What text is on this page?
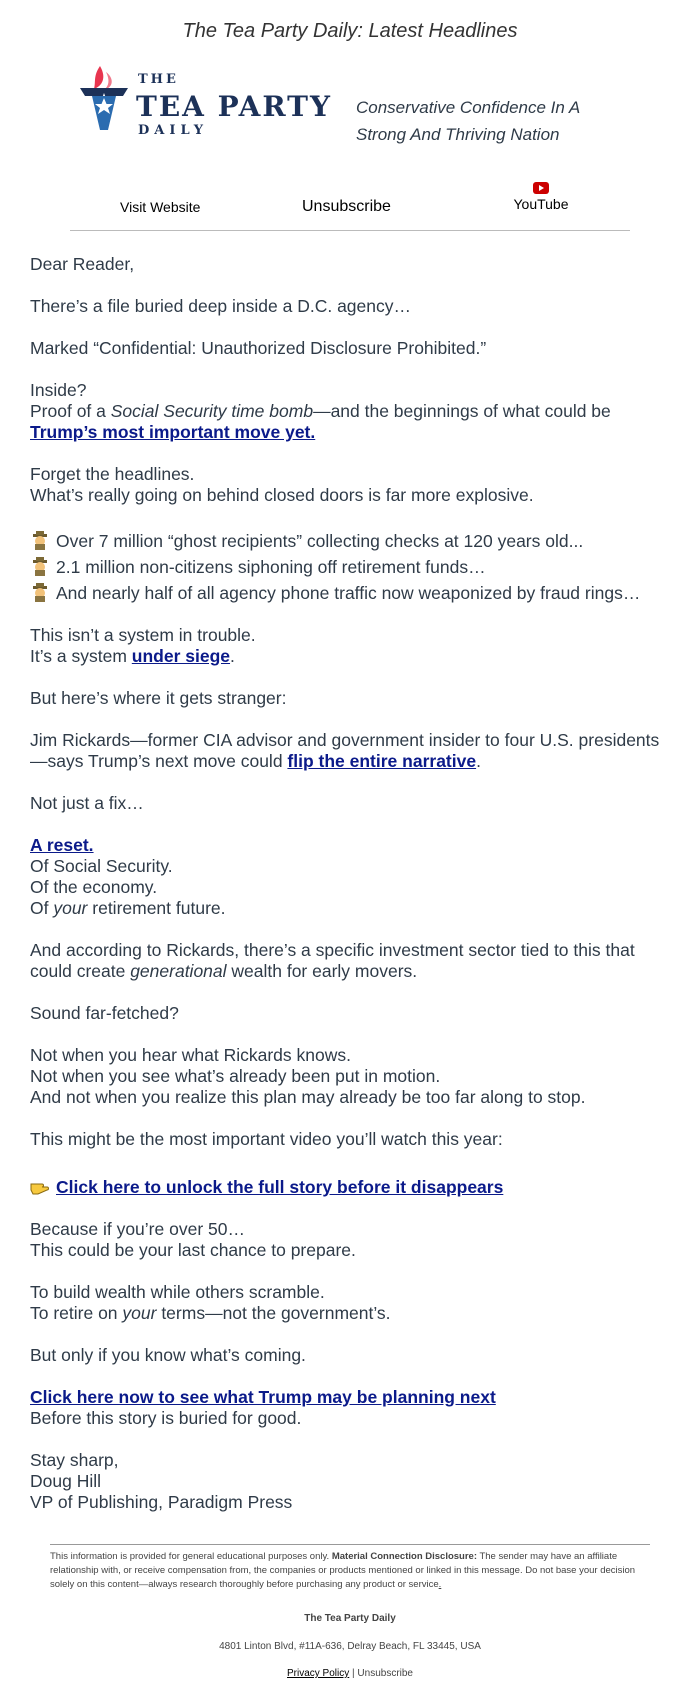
The Tea Party Daily: Latest Headlines
THE
TEA PARTY
DAILY
Conservative Confidence In A
Strong And Thriving Nation
Visit Website	Unsubscribe	YouTube

Dear Reader,

There’s a file buried deep inside a D.C. agency…

Marked “Confidential: Unauthorized Disclosure Prohibited.”

Inside?
Proof of a Social Security time bomb—and the beginnings of what could be Trump’s most important move yet.

Forget the headlines.
What’s really going on behind closed doors is far more explosive.

Over 7 million “ghost recipients” collecting checks at 120 years old...
2.1 million non-citizens siphoning off retirement funds…
And nearly half of all agency phone traffic now weaponized by fraud rings…

This isn’t a system in trouble.
It’s a system under siege.

But here’s where it gets stranger:

Jim Rickards—former CIA advisor and government insider to four U.S. presidents—says Trump’s next move could flip the entire narrative.

Not just a fix…

A reset.
Of Social Security.
Of the economy.
Of your retirement future.

And according to Rickards, there’s a specific investment sector tied to this that could create generational wealth for early movers.

Sound far-fetched?

Not when you hear what Rickards knows.
Not when you see what’s already been put in motion.
And not when you realize this plan may already be too far along to stop.

This might be the most important video you’ll watch this year:

Click here to unlock the full story before it disappears

Because if you’re over 50…
This could be your last chance to prepare.

To build wealth while others scramble.
To retire on your terms—not the government’s.

But only if you know what’s coming.

Click here now to see what Trump may be planning next
Before this story is buried for good.

Stay sharp,
Doug Hill
VP of Publishing, Paradigm Press

This information is provided for general educational purposes only. Material Connection Disclosure: The sender may have an affiliate relationship with, or receive compensation from, the companies or products mentioned or linked in this message. Do not base your decision solely on this content—always research thoroughly before purchasing any product or service.
The Tea Party Daily
4801 Linton Blvd, #11A-636, Delray Beach, FL 33445, USA
Privacy Policy | Unsubscribe
